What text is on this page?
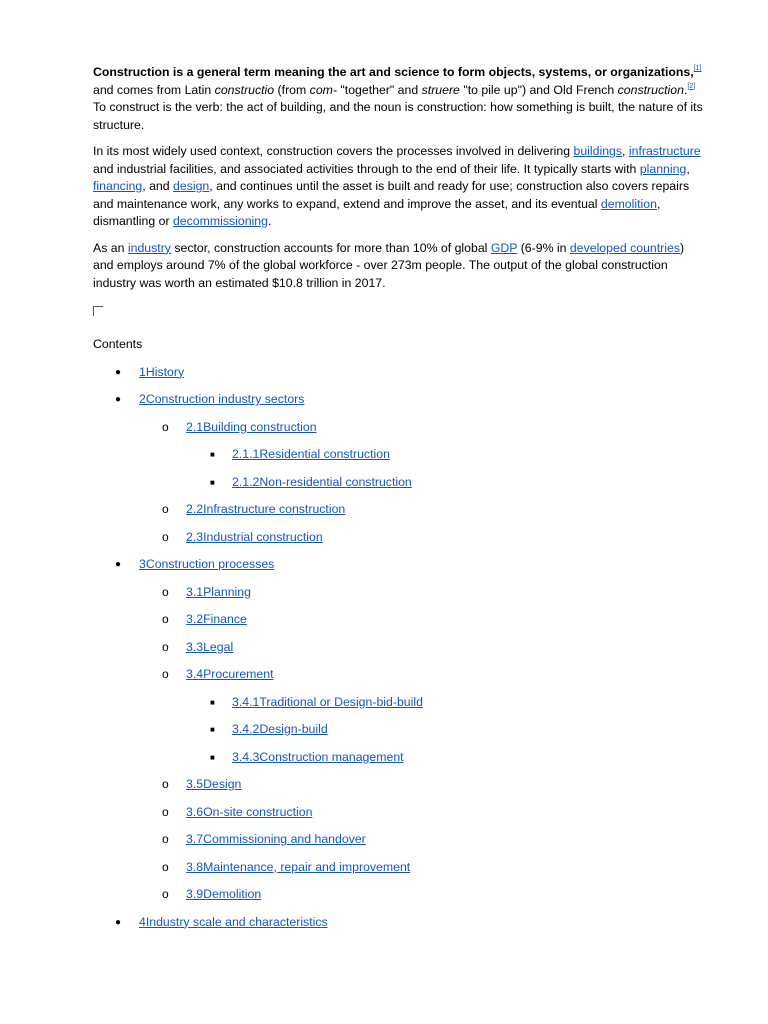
Construction is a general term meaning the art and science to form objects, systems, or organizations,[1] and comes from Latin constructio (from com- "together" and struere "to pile up") and Old French construction.[2] To construct is the verb: the act of building, and the noun is construction: how something is built, the nature of its structure.

In its most widely used context, construction covers the processes involved in delivering buildings, infrastructure and industrial facilities, and associated activities through to the end of their life. It typically starts with planning, financing, and design, and continues until the asset is built and ready for use; construction also covers repairs and maintenance work, any works to expand, extend and improve the asset, and its eventual demolition, dismantling or decommissioning.

As an industry sector, construction accounts for more than 10% of global GDP (6-9% in developed countries) and employs around 7% of the global workforce - over 273m people. The output of the global construction industry was worth an estimated $10.8 trillion in 2017.

Contents
● 1History
● 2Construction industry sectors
o 2.1Building construction
■ 2.1.1Residential construction
■ 2.1.2Non-residential construction
o 2.2Infrastructure construction
o 2.3Industrial construction
● 3Construction processes
o 3.1Planning
o 3.2Finance
o 3.3Legal
o 3.4Procurement
■ 3.4.1Traditional or Design-bid-build
■ 3.4.2Design-build
■ 3.4.3Construction management
o 3.5Design
o 3.6On-site construction
o 3.7Commissioning and handover
o 3.8Maintenance, repair and improvement
o 3.9Demolition
● 4Industry scale and characteristics
